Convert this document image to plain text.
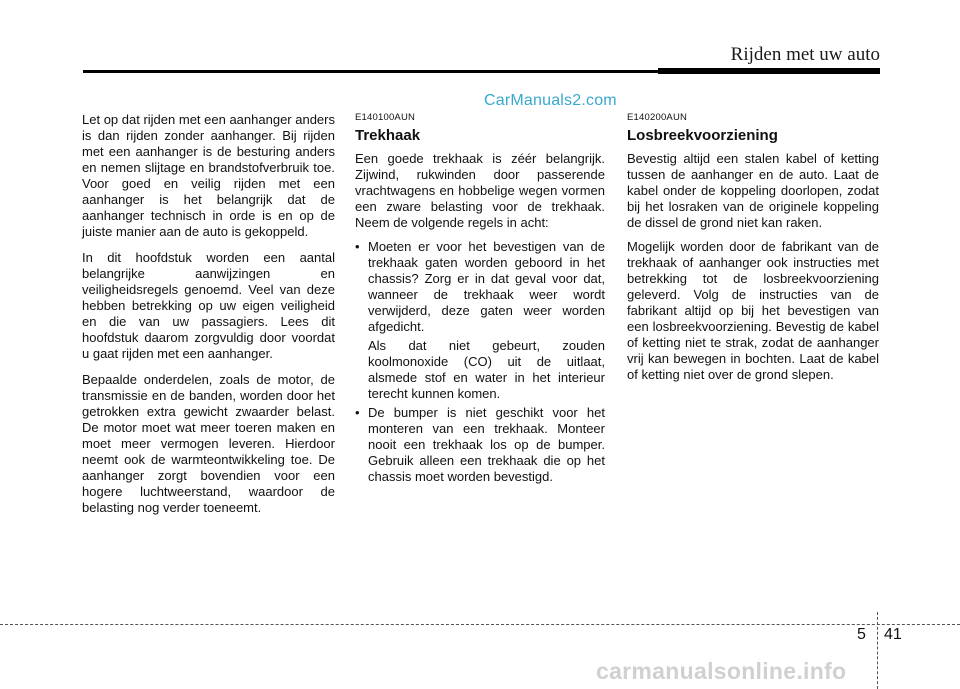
Rijden met uw auto
CarManuals2.com

Let op dat rijden met een aanhanger anders is dan rijden zonder aanhanger. Bij rijden met een aanhanger is de besturing anders en nemen slijtage en brandstofverbruik toe. Voor goed en veilig rijden met een aanhanger is het belangrijk dat de aanhanger technisch in orde is en op de juiste manier aan de auto is gekoppeld.

In dit hoofdstuk worden een aantal belangrijke aanwijzingen en veiligheidsregels genoemd. Veel van deze hebben betrekking op uw eigen veiligheid en die van uw passagiers. Lees dit hoofdstuk daarom zorgvuldig door voordat u gaat rijden met een aanhanger.

Bepaalde onderdelen, zoals de motor, de transmissie en de banden, worden door het getrokken extra gewicht zwaarder belast. De motor moet wat meer toeren maken en moet meer vermogen leveren. Hierdoor neemt ook de warmteontwikkeling toe. De aanhanger zorgt bovendien voor een hogere luchtweerstand, waardoor de belasting nog verder toeneemt.

E140100AUN
Trekhaak

Een goede trekhaak is zéér belangrijk. Zijwind, rukwinden door passerende vrachtwagens en hobbelige wegen vormen een zware belasting voor de trekhaak. Neem de volgende regels in acht:

• Moeten er voor het bevestigen van de trekhaak gaten worden geboord in het chassis? Zorg er in dat geval voor dat, wanneer de trekhaak weer wordt verwijderd, deze gaten weer worden afgedicht.

Als dat niet gebeurt, zouden koolmonoxide (CO) uit de uitlaat, alsmede stof en water in het interieur terecht kunnen komen.

• De bumper is niet geschikt voor het monteren van een trekhaak. Monteer nooit een trekhaak los op de bumper. Gebruik alleen een trekhaak die op het chassis moet worden bevestigd.

E140200AUN
Losbreekvoorziening

Bevestig altijd een stalen kabel of ketting tussen de aanhanger en de auto. Laat de kabel onder de koppeling doorlopen, zodat bij het losraken van de originele koppeling de dissel de grond niet kan raken.

Mogelijk worden door de fabrikant van de trekhaak of aanhanger ook instructies met betrekking tot de losbreekvoorziening geleverd. Volg de instructies van de fabrikant altijd op bij het bevestigen van een losbreekvoorziening. Bevestig de kabel of ketting niet te strak, zodat de aanhanger vrij kan bewegen in bochten. Laat de kabel of ketting niet over de grond slepen.

5 41
carmanualsonline.info
